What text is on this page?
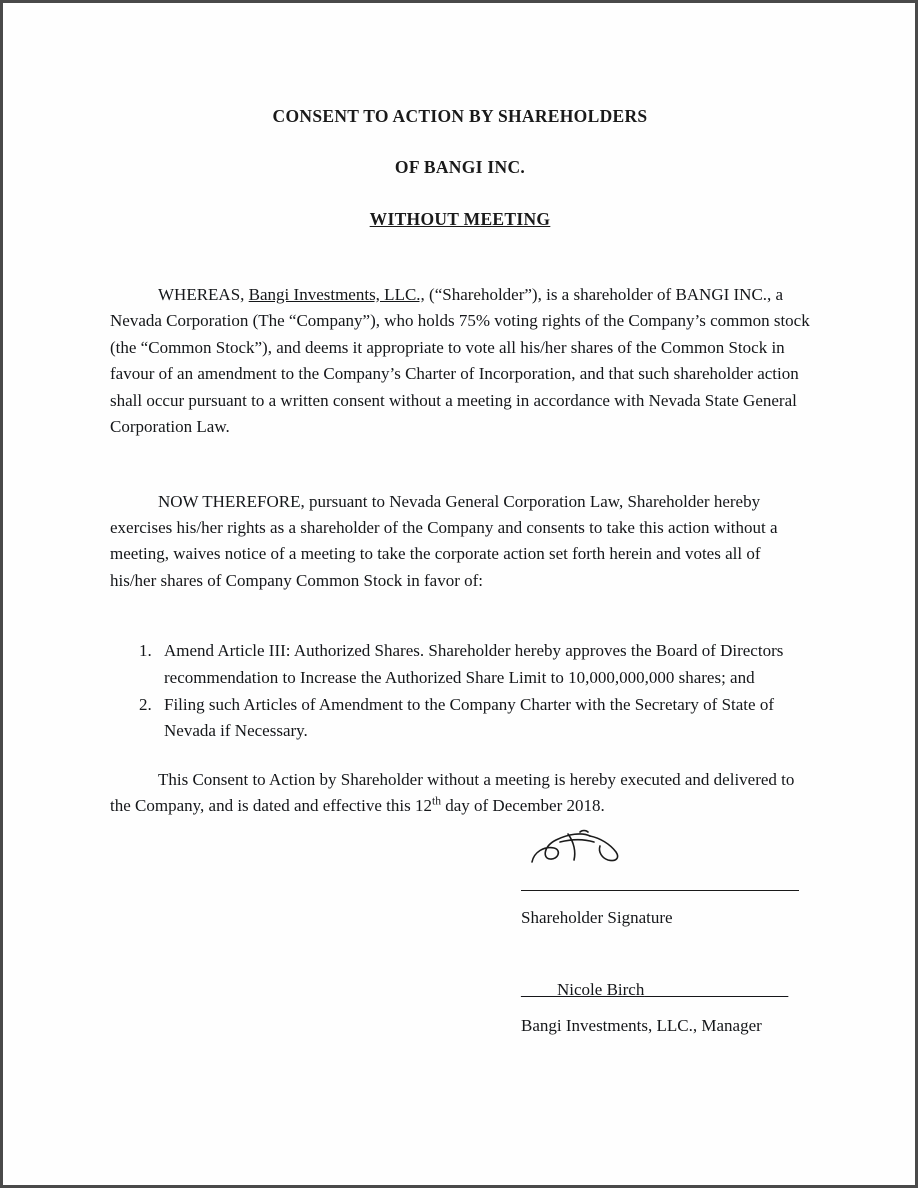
CONSENT TO ACTION BY SHAREHOLDERS
OF BANGI INC.
WITHOUT MEETING

WHEREAS, Bangi Investments, LLC., (“Shareholder”), is a shareholder of BANGI INC., a Nevada Corporation (The “Company”), who holds 75% voting rights of the Company’s common stock (the “Common Stock”), and deems it appropriate to vote all his/her shares of the Common Stock in favour of an amendment to the Company’s Charter of Incorporation, and that such shareholder action shall occur pursuant to a written consent without a meeting in accordance with Nevada State General Corporation Law.

NOW THEREFORE, pursuant to Nevada General Corporation Law, Shareholder hereby exercises his/her rights as a shareholder of the Company and consents to take this action without a meeting, waives notice of a meeting to take the corporate action set forth herein and votes all of his/her shares of Company Common Stock in favor of:

1. Amend Article III: Authorized Shares. Shareholder hereby approves the Board of Directors recommendation to Increase the Authorized Share Limit to 10,000,000,000 shares; and
2. Filing such Articles of Amendment to the Company Charter with the Secretary of State of Nevada if Necessary.

This Consent to Action by Shareholder without a meeting is hereby executed and delivered to the Company, and is dated and effective this 12th day of December 2018.

Shareholder Signature
____Nicole Birch________________
Bangi Investments, LLC., Manager
